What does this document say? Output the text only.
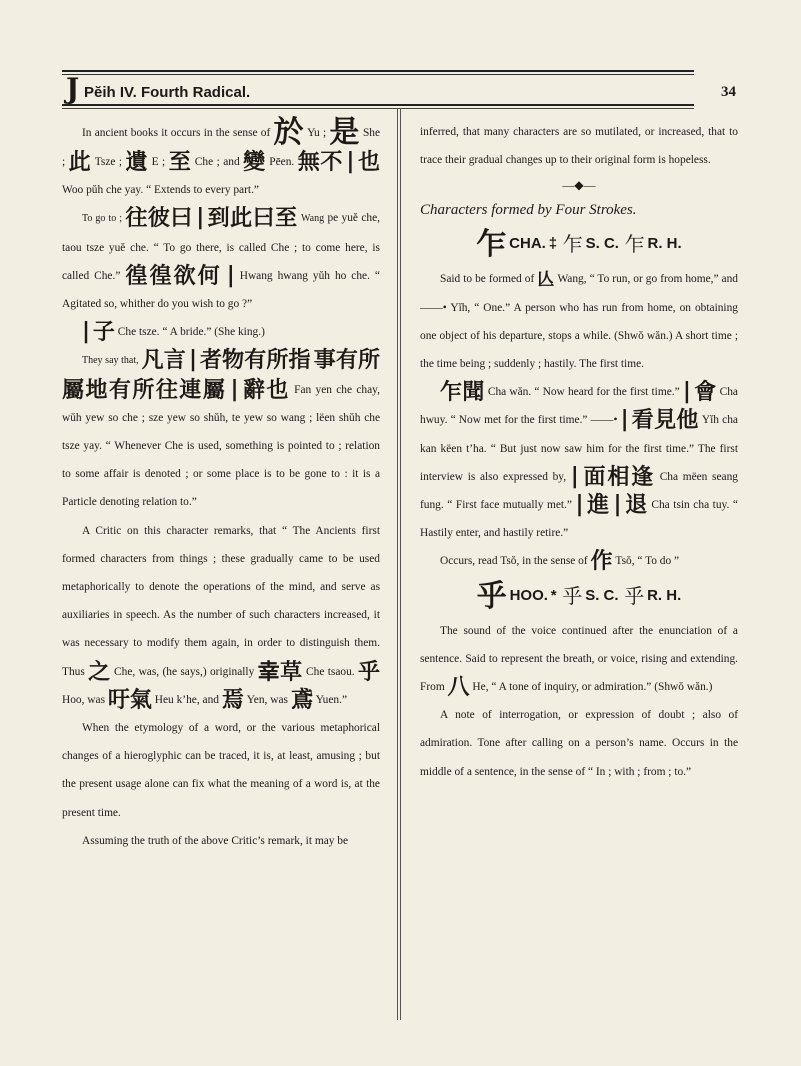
J Pĕih IV. Fourth Radical.	34

In ancient books it occurs in the sense of 於 Yu ; 是 She ; 此 Tsze ; 遺 E ; 至 Che ; and 變 Pēen. 無不 | 也 Woo pŭh che yay. “ Extends to every part.”

To go to ; 往彼曰 | 到此曰至 Wang pe yuĕ che, taou tsze yuĕ che. “ To go there, is called Che ; to come here, is called Che.” 徨徨欲何 | Hwang hwang yŭh ho che. “ Agitated so, whither do you wish to go ?”

| 子 Che tsze. “ A bride.” (She king.)

They say that, 凡言 | 者物有所指 事有所屬地有所往連屬 | 辭也 Fan yen che chay, wŭh yew so che ; sze yew so shŭh, te yew so wang ; lëen shŭh che tsze yay. “ Whenever Che is used, something is pointed to ; relation to some affair is denoted ; or some place is to be gone to : it is a Particle denoting relation to.”

A Critic on this character remarks, that “ The Ancients first formed characters from things ; these gradually came to be used metaphorically to denote the operations of the mind, and serve as auxiliaries in speech. As the number of such characters increased, it was necessary to modify them again, in order to distinguish them. Thus 之 Che, was, (he says,) originally 𦍒草 Che tsaou. 乎 Hoo, was 吁氣 Heu k’he, and 焉 Yen, was 鳶 Yuen.”

When the etymology of a word, or the various metaphorical changes of a hieroglyphic can be traced, it is, at least, amusing ; but the present usage alone can fix what the meaning of a word is, at the present time.

Assuming the truth of the above Critic’s remark, it may be

inferred, that many characters are so mutilated, or increased, that to trace their gradual changes up to their original form is hopeless.

—◆—

Characters formed by Four Strokes.

乍 CHA. ‡ 乍 S. C. 乍 R. H.

Said to be formed of 亾 Wang, “ To run, or go from home,” and ——• Yĭh, “ One.” A person who has run from home, on obtaining one object of his departure, stops a while. (Shwŏ wăn.) A short time ; the time being ; suddenly ; hastily. The first time.

乍聞 Cha wăn. “ Now heard for the first time.” | 會 Cha hwuy. “ Now met for the first time.” ——• | 看見他 Yĭh cha kan këen t’ha. “ But just now saw him for the first time.” The first interview is also expressed by, | 面相逢 Cha mëen seang fung. “ First face mutually met.” | 進 | 退 Cha tsin cha tuy. “ Hastily enter, and hastily retire.”

Occurs, read Tsŏ, in the sense of 作 Tsŏ, “ To do ”

乎 HOO. * 乎 S. C. 乎 R. H.

The sound of the voice continued after the enunciation of a sentence. Said to represent the breath, or voice, rising and extending. From 八 He, “ A tone of inquiry, or admiration.” (Shwŏ wăn.)

A note of interrogation, or expression of doubt ; also of admiration. Tone after calling on a person’s name. Occurs in the middle of a sentence, in the sense of “ In ; with ; from ; to.”
